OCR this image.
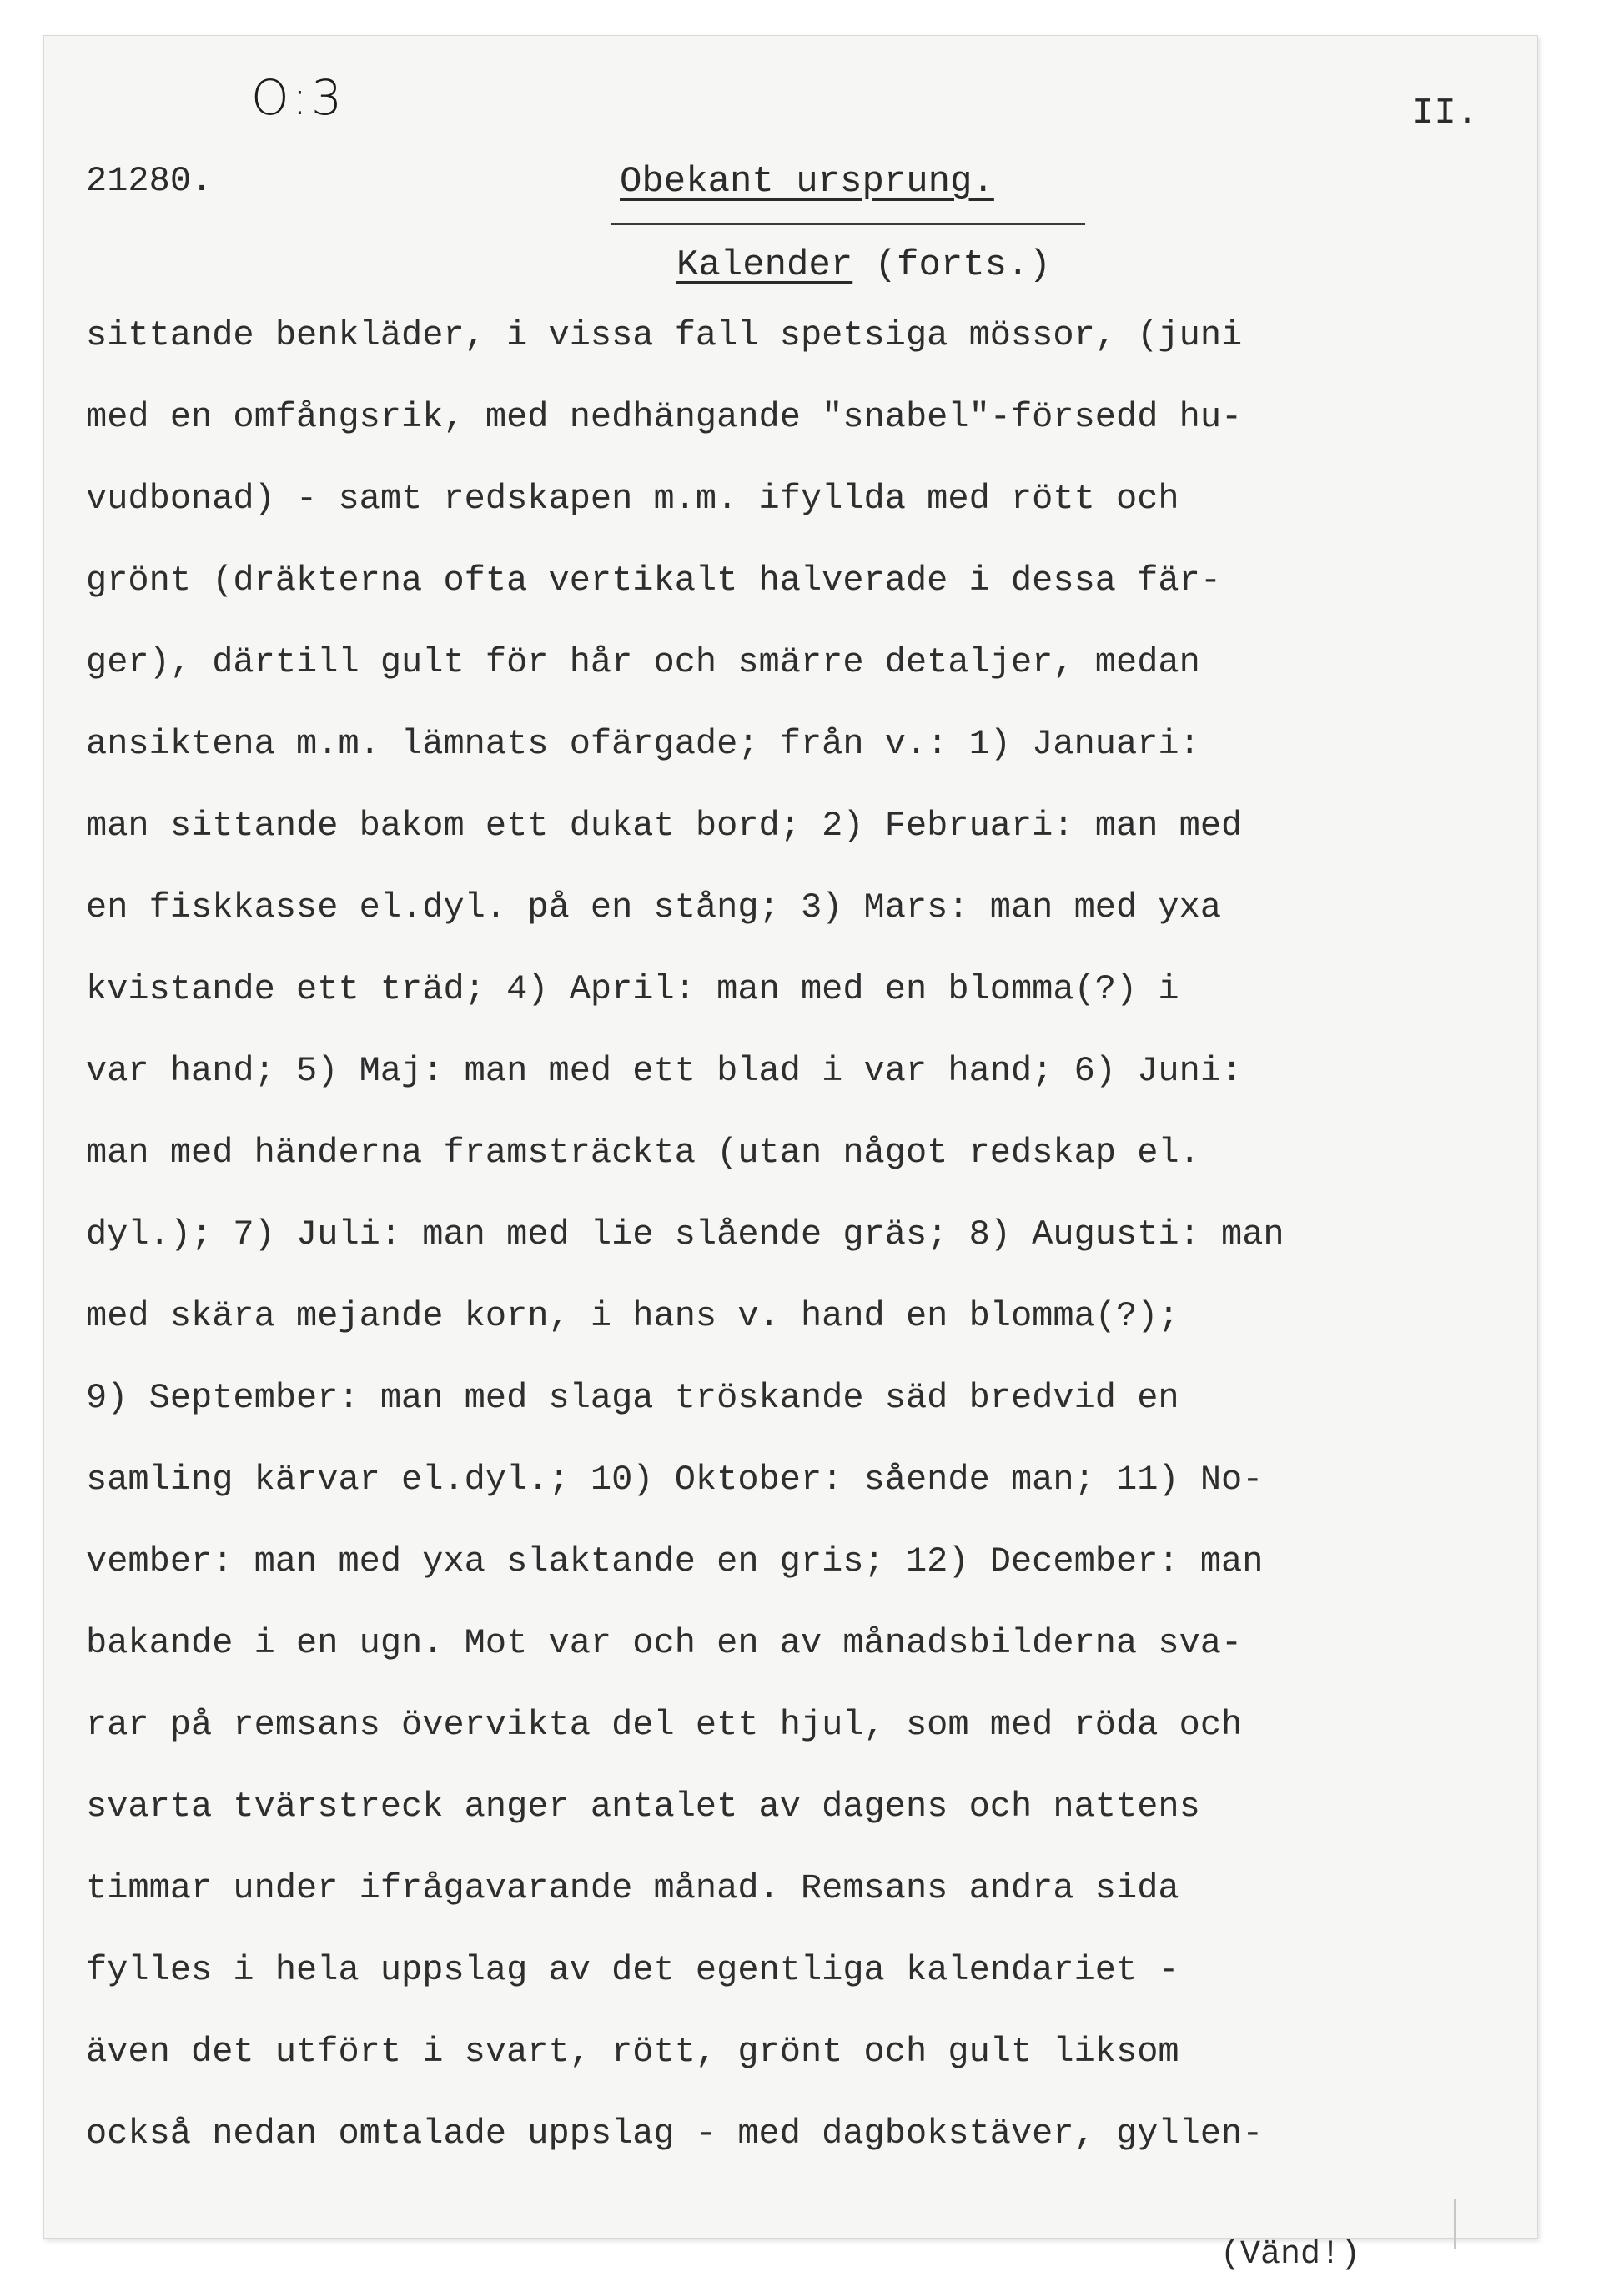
O:3	II.
21280.	Obekant ursprung.
Kalender (forts.)
sittande benkläder, i vissa fall spetsiga mössor, (juni
med en omfångsrik, med nedhängande "snabel"-försedd hu-
vudbonad) - samt redskapen m.m. ifyllda med rött och
grönt (dräkterna ofta vertikalt halverade i dessa fär-
ger), därtill gult för hår och smärre detaljer, medan
ansiktena m.m. lämnats ofärgade; från v.: 1) Januari:
man sittande bakom ett dukat bord; 2) Februari: man med
en fiskkasse el.dyl. på en stång; 3) Mars: man med yxa
kvistande ett träd; 4) April: man med en blomma(?) i
var hand; 5) Maj: man med ett blad i var hand; 6) Juni:
man med händerna framsträckta (utan något redskap el.
dyl.); 7) Juli: man med lie slående gräs; 8) Augusti: man
med skära mejande korn, i hans v. hand en blomma(?);
9) September: man med slaga tröskande säd bredvid en
samling kärvar el.dyl.; 10) Oktober: sående man; 11) No-
vember: man med yxa slaktande en gris; 12) December: man
bakande i en ugn. Mot var och en av månadsbilderna sva-
rar på remsans övervikta del ett hjul, som med röda och
svarta tvärstreck anger antalet av dagens och nattens
timmar under ifrågavarande månad. Remsans andra sida
fylles i hela uppslag av det egentliga kalendariet -
även det utfört i svart, rött, grönt och gult liksom
också nedan omtalade uppslag - med dagbokstäver, gyllen-
(Vänd!)
